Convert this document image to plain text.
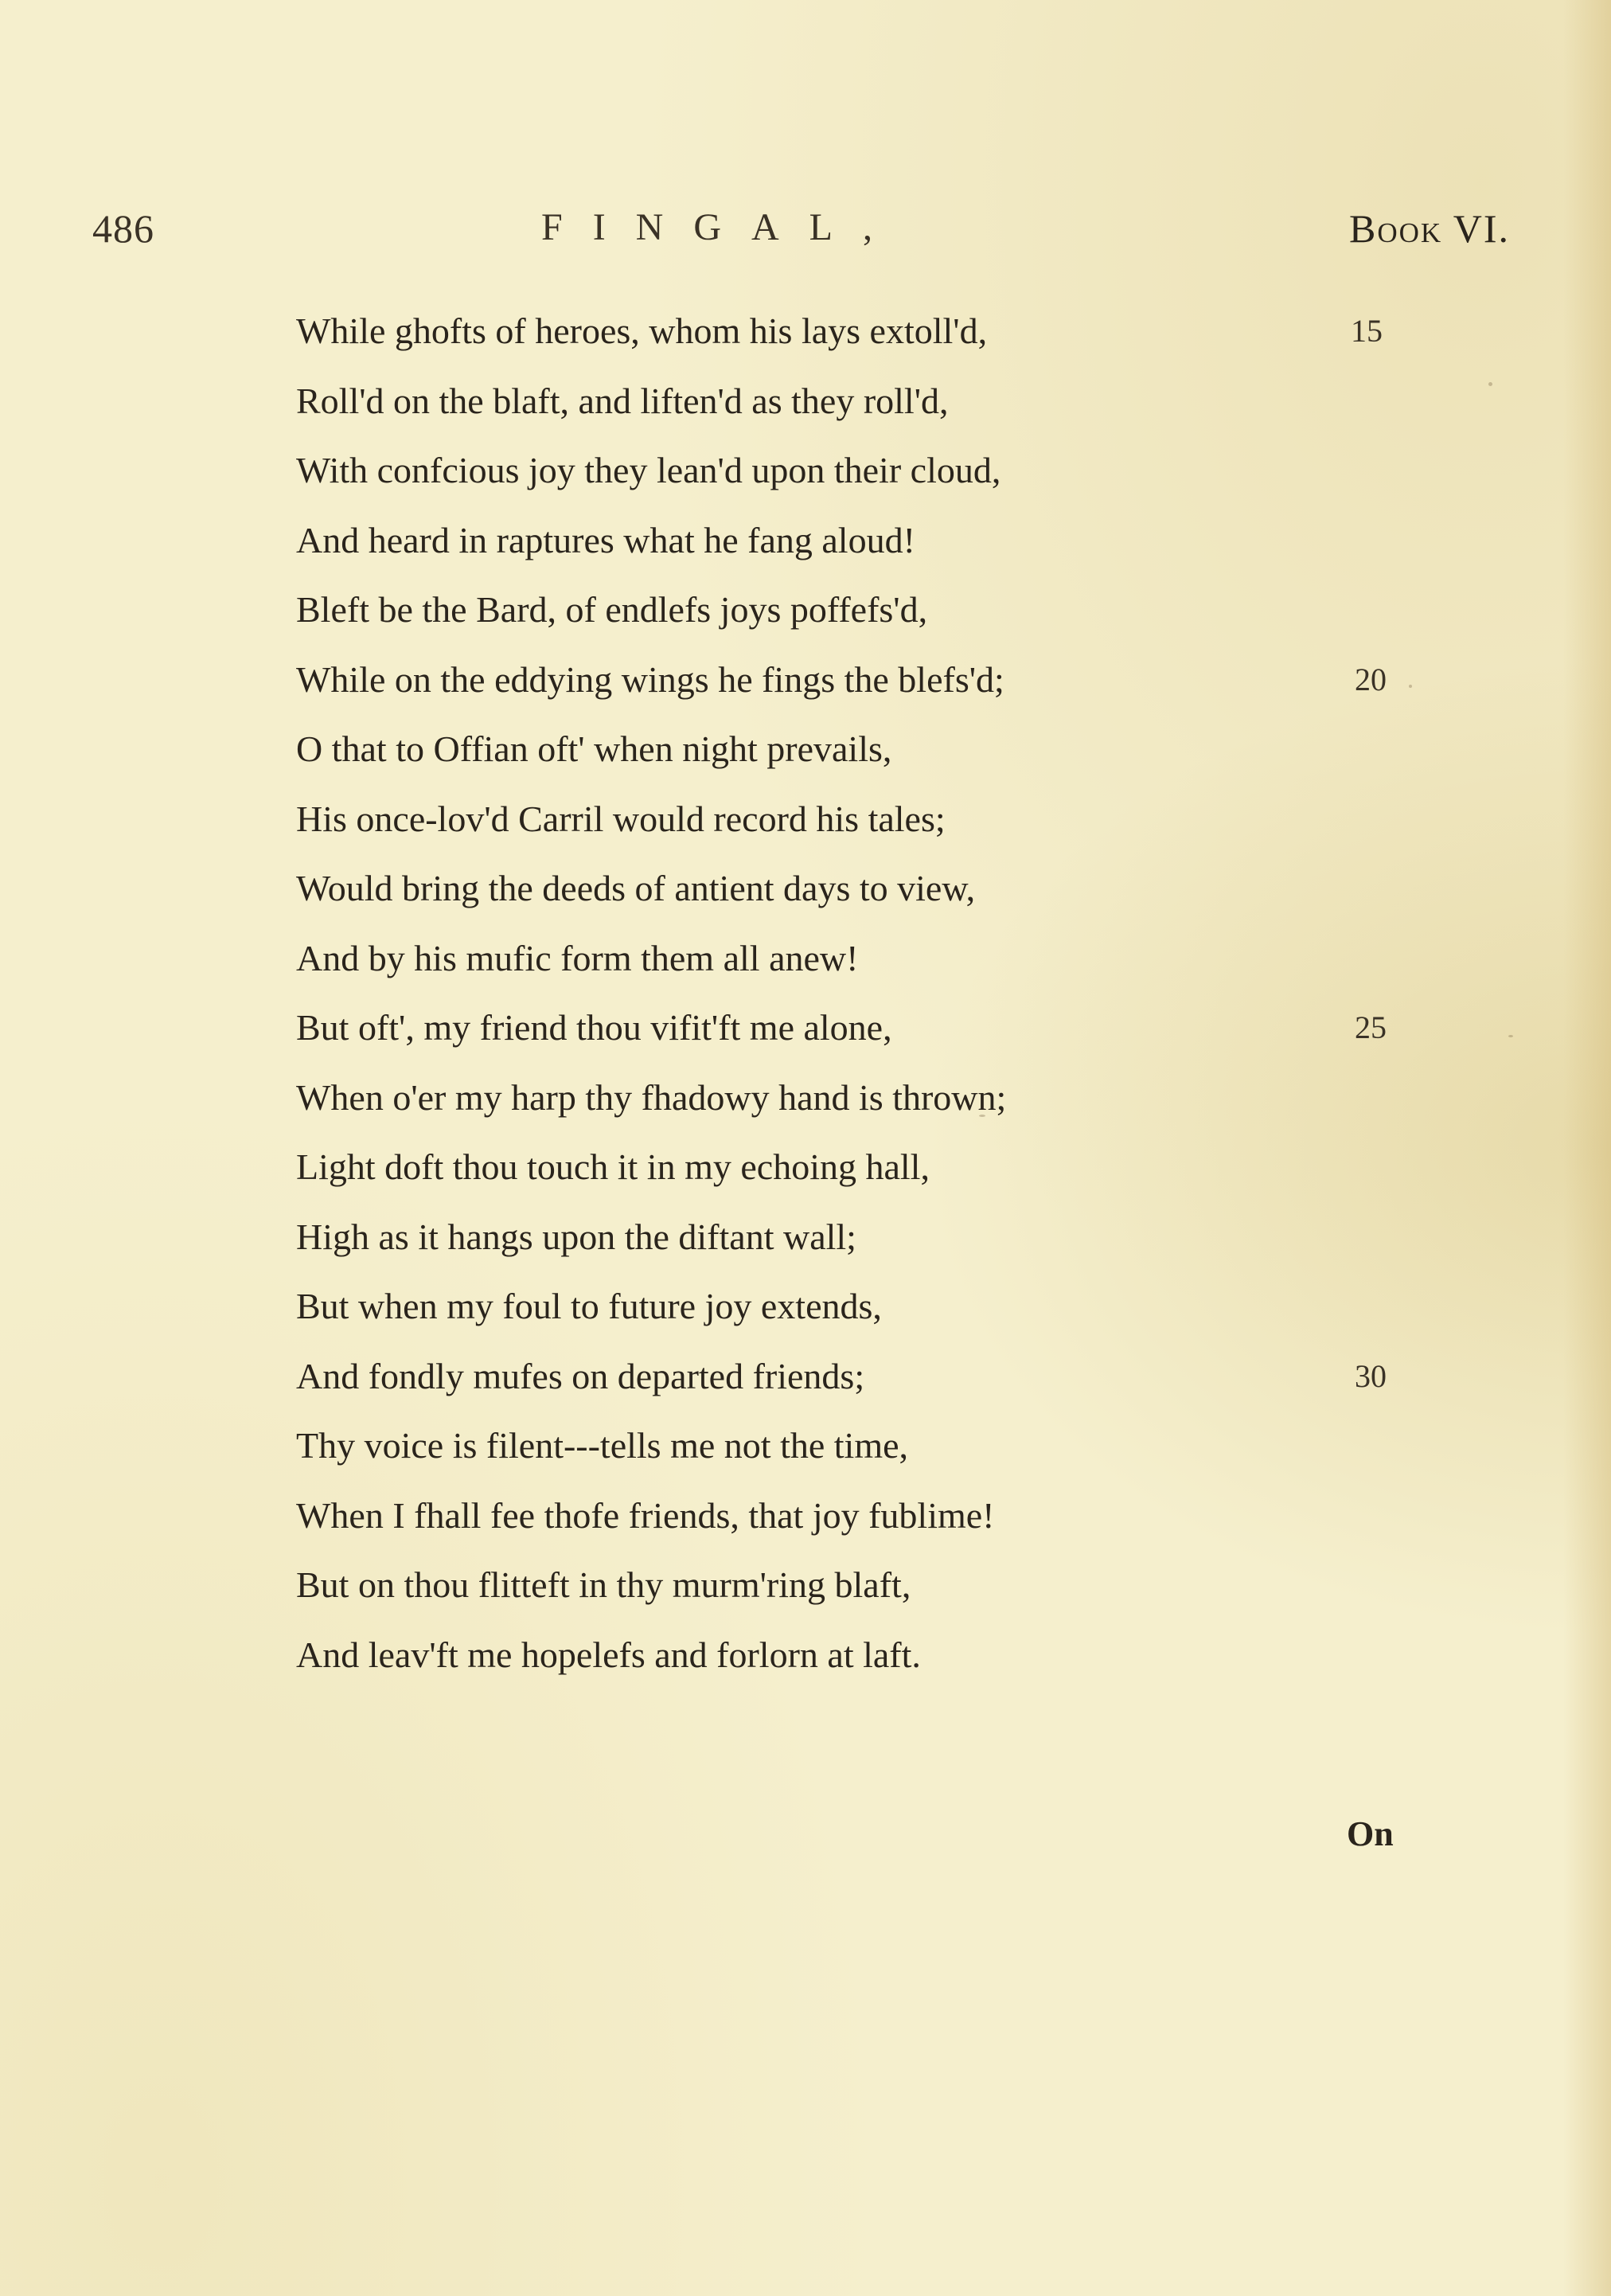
486	FINGAL,	Book VI.
While ghofts of heroes, whom his lays extoll'd,	15
Roll'd on the blaft, and liften'd as they roll'd,
With confcious joy they lean'd upon their cloud,
And heard in raptures what he fang aloud!
Bleft be the Bard, of endlefs joys poffefs'd,
While on the eddying wings he fings the blefs'd;	20
O that to Offian oft' when night prevails,
His once-lov'd Carril would record his tales;
Would bring the deeds of antient days to view,
And by his mufic form them all anew!
But oft', my friend thou vifit'ft me alone,	25
When o'er my harp thy fhadowy hand is thrown;
Light doft thou touch it in my echoing hall,
High as it hangs upon the diftant wall;
But when my foul to future joy extends,
And fondly mufes on departed friends;	30
Thy voice is filent---tells me not the time,
When I fhall fee thofe friends, that joy fublime!
But on thou flitteft in thy murm'ring blaft,
And leav'ft me hopelefs and forlorn at laft.
On
